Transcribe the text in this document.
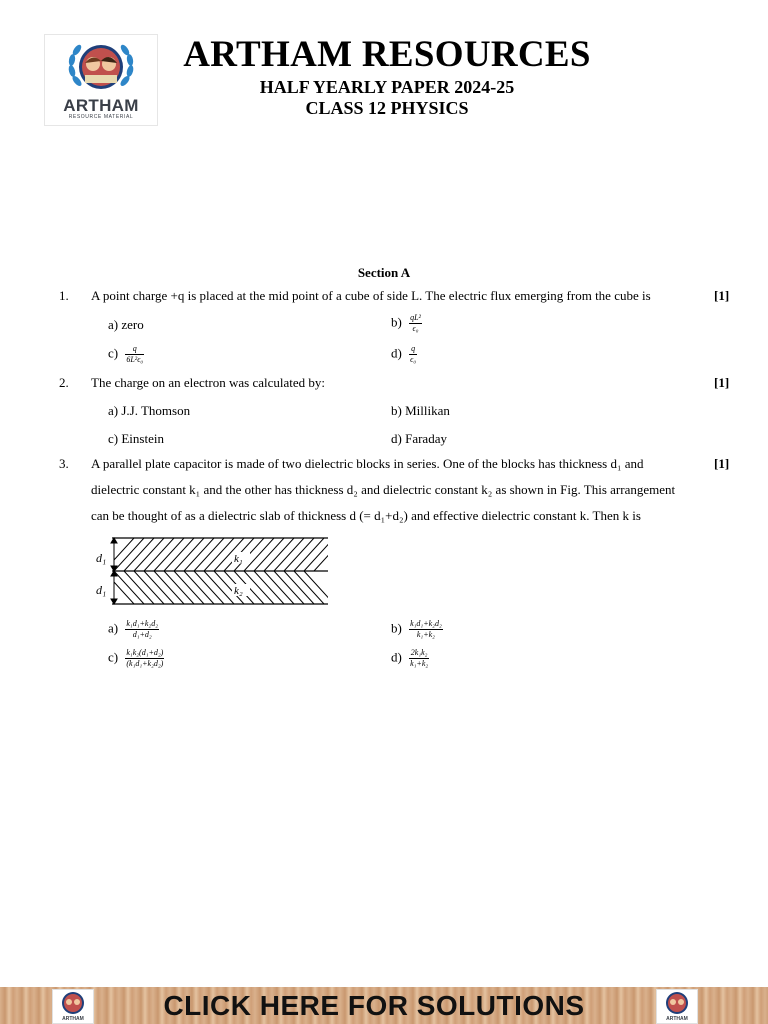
ARTHAM
RESOURCE MATERIAL
ARTHAM RESOURCES
HALF YEARLY PAPER 2024-25
CLASS 12 PHYSICS
Section A
1. A point charge +q is placed at the mid point of a cube of side L. The electric flux emerging from the cube is	[1]
a) zero	$b) \frac{\text{qL²}}{\text{ϵ₀}}$
$c) \frac{q}{\text{6L²ϵ₀}}$	$d) \frac{q}{\text{ϵ₀}}$
2. The charge on an electron was calculated by:	[1]
a) J.J. Thomson	b) Millikan
c) Einstein	d) Faraday
3. A parallel plate capacitor is made of two dielectric blocks in series. One of the blocks has thickness d₁ and
dielectric constant k₁ and the other has thickness d₂ and dielectric constant k₂ as shown in Fig. This arrangement
can be thought of as a dielectric slab of thickness d (= d₁+d₂) and effective dielectric constant k. Then k is
[1]
d₁
d₁
k₁
k₂
$a) \frac{\text{k₁d₁+k₂d₂}}{\text{d₁+d₂}}$	$b) \frac{\text{k₁d₁+k₂d₂}}{\text{k₁+k₂}}$
$c) \frac{\text{k₁k₂(d₁+d₂)}}{\text{(k₁d₁+k₂d₂)}}$	$d) \frac{\text{2k₁k₂}}{\text{k₁+k₂}}$
ARTHAM	CLICK HERE FOR SOLUTIONS	ARTHAM
